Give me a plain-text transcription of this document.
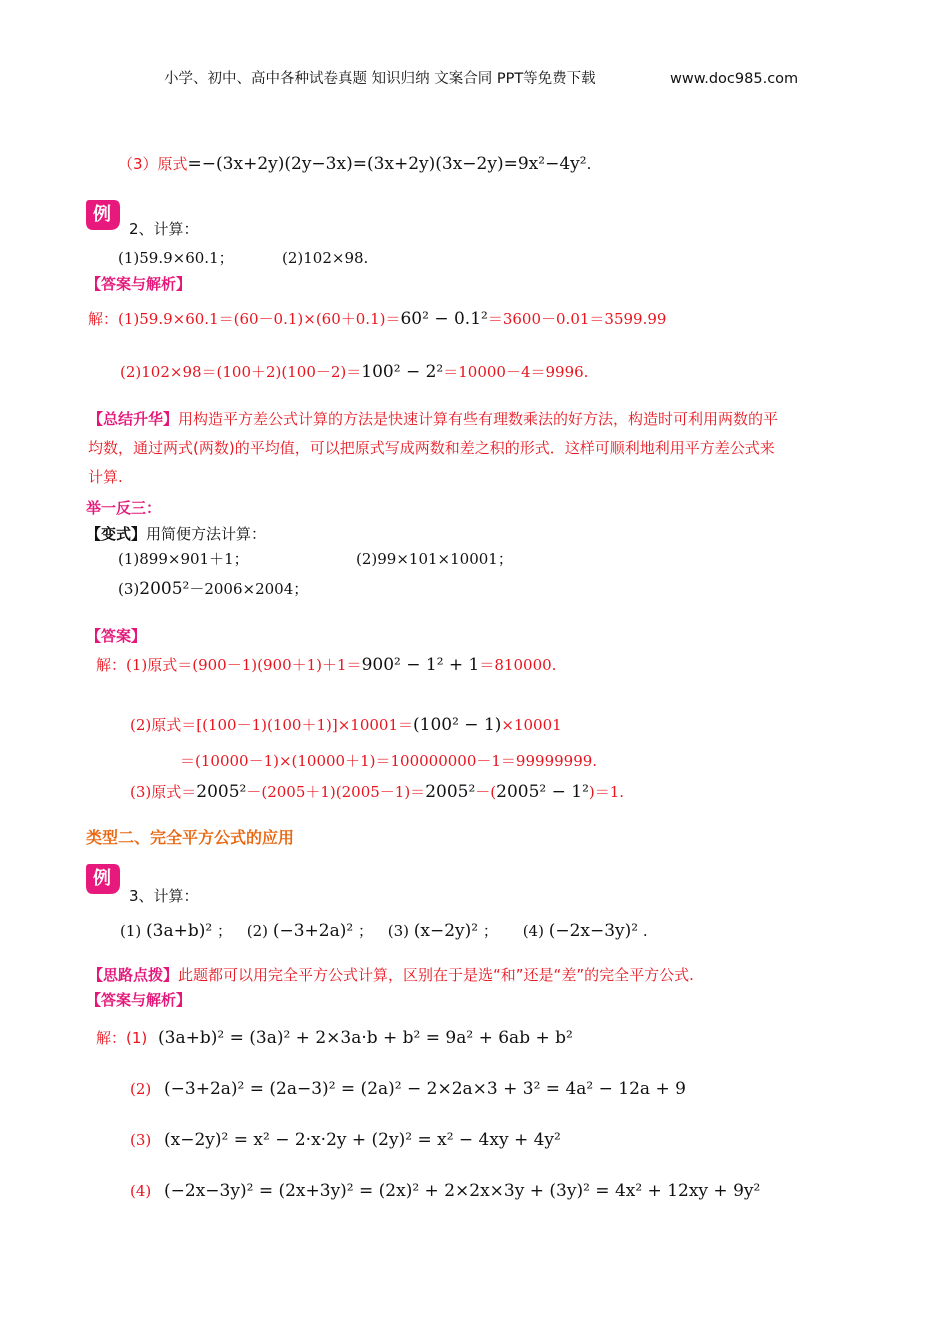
小学、初中、高中各种试卷真题 知识归纳 文案合同 PPT等免费下载	www.doc985.com
（3）原式=−(3x+2y)(2y−3x)=(3x+2y)(3x−2y)=9x²−4y².
例
2、计算：
(1)59.9×60.1；	(2)102×98.
【答案与解析】
解：(1)59.9×60.1＝(60－0.1)×(60＋0.1)＝60² − 0.1²＝3600－0.01＝3599.99
(2)102×98＝(100＋2)(100－2)＝100² − 2²＝10000－4＝9996.
【总结升华】用构造平方差公式计算的方法是快速计算有些有理数乘法的好方法，构造时可利用两数的平
均数，通过两式(两数)的平均值，可以把原式写成两数和差之积的形式．这样可顺利地利用平方差公式来
计算.
举一反三：
【变式】用简便方法计算：
(1)899×901＋1；	(2)99×101×10001；
(3)2005²－2006×2004；
【答案】
解：(1)原式＝(900－1)(900＋1)＋1＝900² − 1² + 1＝810000.
(2)原式＝[(100－1)(100＋1)]×10001＝(100² − 1)×10001
＝(10000－1)×(10000＋1)＝100000000－1＝99999999.
(3)原式＝2005²－(2005＋1)(2005－1)＝2005²－(2005² − 1²)＝1.
类型二、完全平方公式的应用
例
3、计算：
(1) (3a+b)² ； (2) (−3+2a)² ； (3) (x−2y)² ； (4) (−2x−3y)² .
【思路点拨】此题都可以用完全平方公式计算，区别在于是选“和”还是“差”的完全平方公式.
【答案与解析】
解：(1) (3a+b)² = (3a)² + 2×3a·b + b² = 9a² + 6ab + b²
(2) (−3+2a)² = (2a−3)² = (2a)² − 2×2a×3 + 3² = 4a² − 12a + 9
(3) (x−2y)² = x² − 2·x·2y + (2y)² = x² − 4xy + 4y²
(4) (−2x−3y)² = (2x+3y)² = (2x)² + 2×2x×3y + (3y)² = 4x² + 12xy + 9y²
